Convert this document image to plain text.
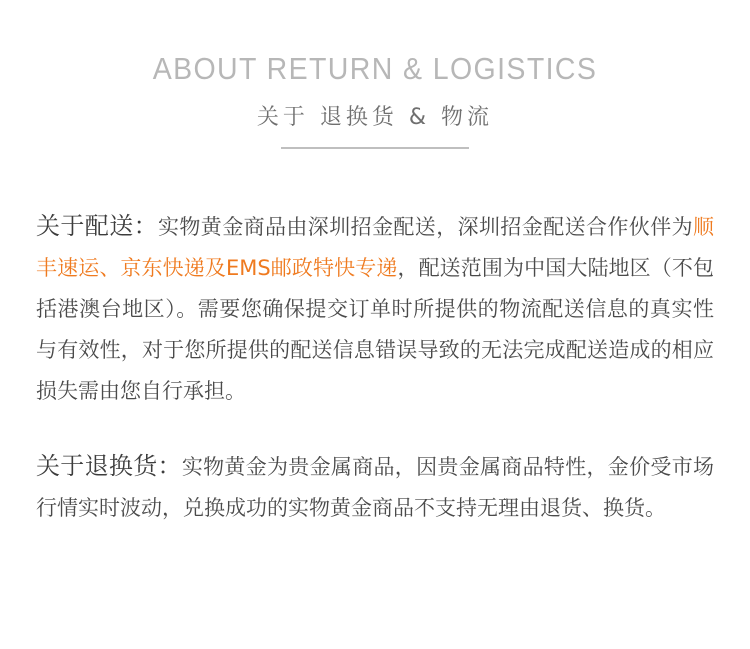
ABOUT RETURN & LOGISTICS
关于 退换货 & 物流

关于配送：实物黄金商品由深圳招金配送，深圳招金配送合作伙伴为顺丰速运、京东快递及EMS邮政特快专递，配送范围为中国大陆地区（不包括港澳台地区）。需要您确保提交订单时所提供的物流配送信息的真实性与有效性，对于您所提供的配送信息错误导致的无法完成配送造成的相应损失需由您自行承担。

关于退换货：实物黄金为贵金属商品，因贵金属商品特性，金价受市场行情实时波动，兑换成功的实物黄金商品不支持无理由退货、换货。
